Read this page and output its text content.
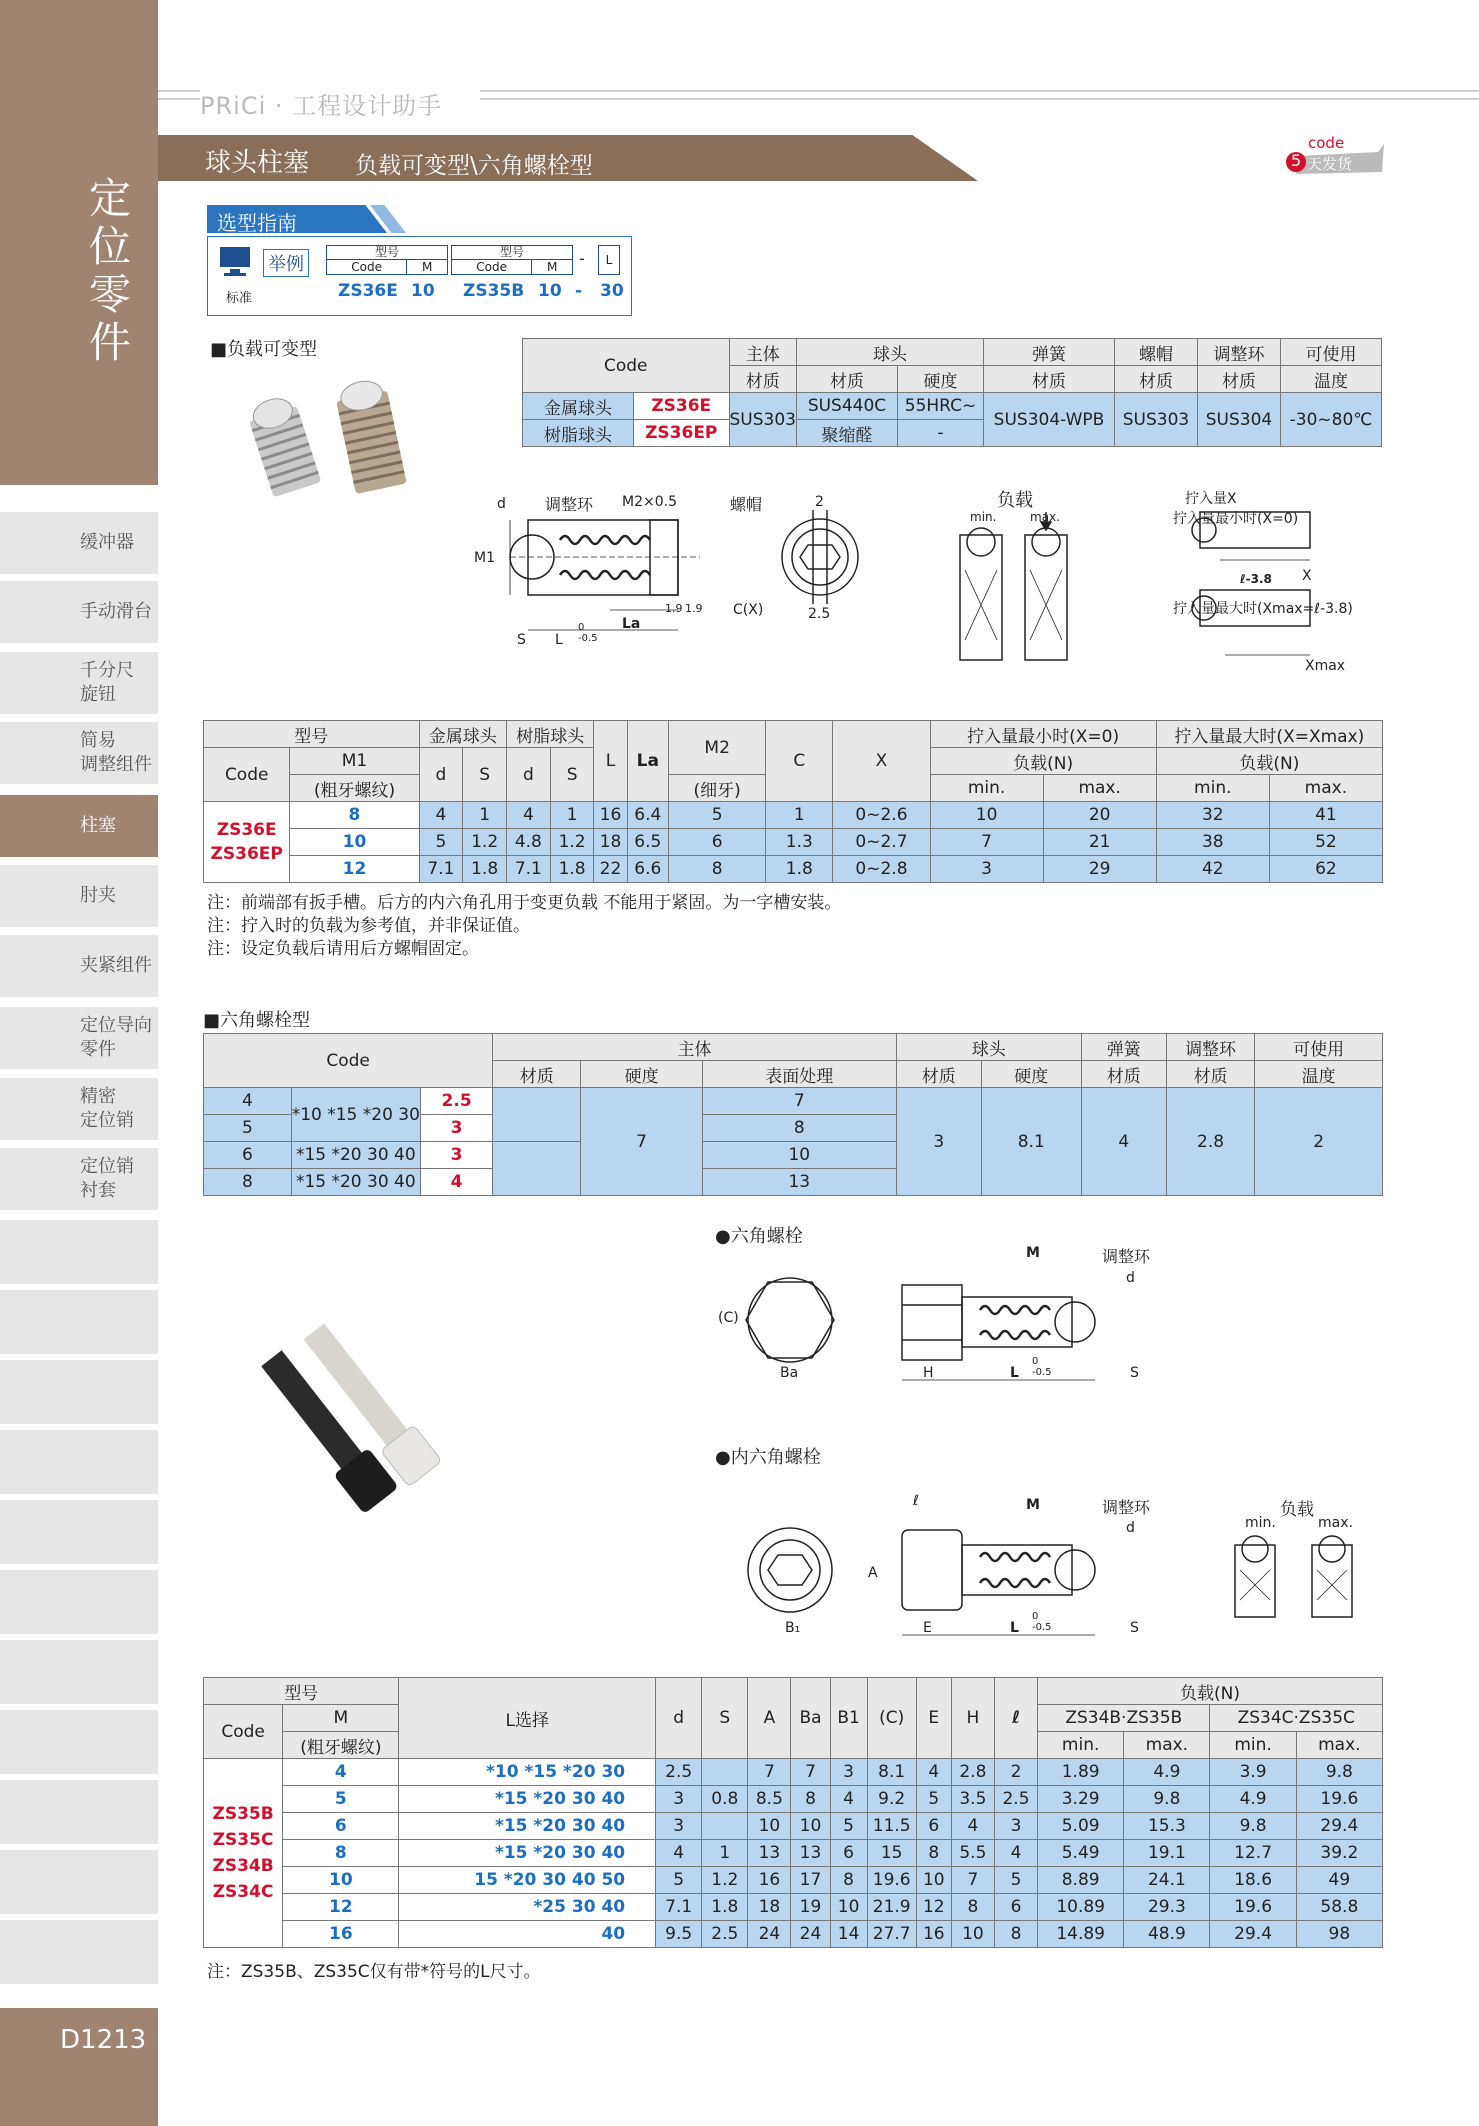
定位零件
缓冲器
手动滑台
千分尺
旋钮
简易
调整组件
柱塞
肘夹
夹紧组件
定位导向
零件
精密
定位销
定位销
衬套
D1213
PRiCi · 工程设计助手
球头柱塞 负载可变型\六角螺栓型
code
5 天发货
选型指南
举例
标准
型号
Code	M
型号
Code	M	-	L
ZS36E 10 ZS35B 10 - 30
■负载可变型
Code		主体	球头		弹簧	螺帽	调整环	可使用
		材质	材质	硬度	材质	材质	材质	温度
金属球头	ZS36E	SUS303	SUS440C	55HRC~	SUS304-WPB	SUS303	SUS304	-30~80℃
树脂球头	ZS36EP		聚缩醛	-				
d 调整环 M2×0.5	螺帽
M1
S L
0
-0.5
La
1.9 1.9 C(X)
2
2.5
负载
min.	max.
拧入量X
拧入量最小时(X=0)
ℓ-3.8 X
拧入量最大时(Xmax=ℓ-3.8)
Xmax
型号		金属球头		树脂球头		L	La	M2	C	X	拧入量最小时(X=0)		拧入量最大时(X=Xmax)	
Code	M1	d	S	d	S						负载(N)		负载(N)	
	(粗牙螺纹)							(细牙)			min.	max.	min.	max.
ZS36E
ZS36EP	8	4	1	4	1	16	6.4	5	1	0~2.6	10	20	32	41
	10	5	1.2	4.8	1.2	18	6.5	6	1.3	0~2.7	7	21	38	52
	12	7.1	1.8	7.1	1.8	22	6.6	8	1.8	0~2.8	3	29	42	62
注：前端部有扳手槽。后方的内六角孔用于变更负载 不能用于紧固。为一字槽安装。
注：拧入时的负载为参考值，并非保证值。
注：设定负载后请用后方螺帽固定。
■六角螺栓型
Code			主体			球头		弹簧	调整环	可使用
			材质	硬度	表面处理	材质	硬度	材质	材质	温度
4	*10 *15 *20 30	2.5		7	7	3	8.1	4	2.8	2
5		3			8					
6	*15 *20 30 40	3			10					
8	*15 *20 30 40	4			13					
●六角螺栓
●内六角螺栓
M	调整环
d
(C)
Ba	H	L
0
-0.5	S
ℓ	M	调整环
d
A
B₁	E	L
0
-0.5	S
负载
min.	max.
型号		L选择	d	S	A	Ba	B1	(C)	E	H	ℓ	负载(N)			
Code	M											ZS34B·ZS35B		ZS34C·ZS35C	
	(粗牙螺纹)											min.	max.	min.	max.
ZS35B
ZS35C
ZS34B
ZS34C	4	*10 *15 *20 30	2.5		7	7	3	8.1	4	2.8	2	1.89	4.9	3.9	9.8
	5	*15 *20 30 40	3	0.8	8.5	8	4	9.2	5	3.5	2.5	3.29	9.8	4.9	19.6
	6	*15 *20 30 40	3		10	10	5	11.5	6	4	3	5.09	15.3	9.8	29.4
	8	*15 *20 30 40	4	1	13	13	6	15	8	5.5	4	5.49	19.1	12.7	39.2
	10	15 *20 30 40 50	5	1.2	16	17	8	19.6	10	7	5	8.89	24.1	18.6	49
	12	*25 30 40	7.1	1.8	18	19	10	21.9	12	8	6	10.89	29.3	19.6	58.8
	16	40	9.5	2.5	24	24	14	27.7	16	10	8	14.89	48.9	29.4	98
注：ZS35B、ZS35C仅有带*符号的L尺寸。
